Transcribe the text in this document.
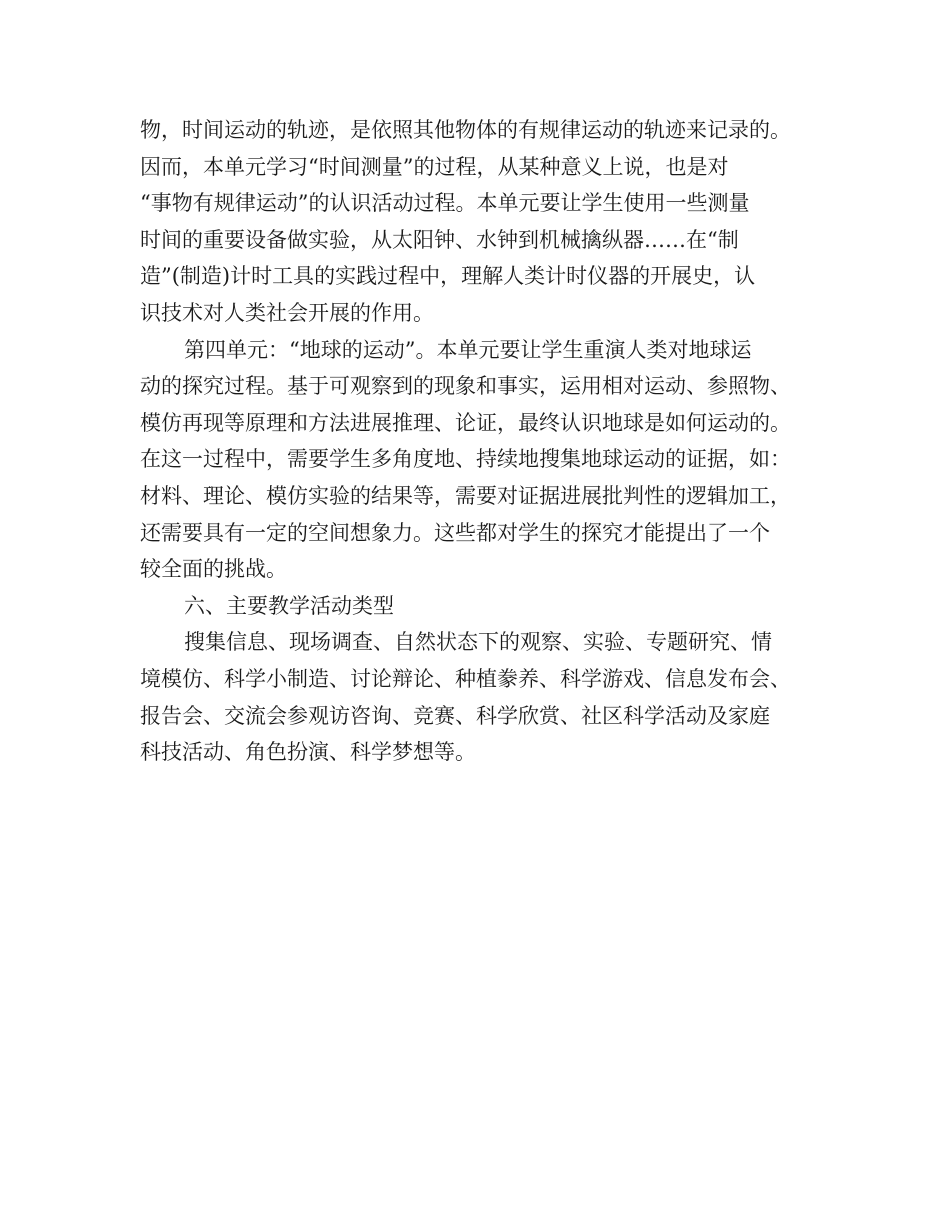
物，时间运动的轨迹，是依照其他物体的有规律运动的轨迹来记录的。
因而，本单元学习“时间测量”的过程，从某种意义上说，也是对
“事物有规律运动”的认识活动过程。本单元要让学生使用一些测量
时间的重要设备做实验，从太阳钟、水钟到机械擒纵器……在“制
造”(制造)计时工具的实践过程中，理解人类计时仪器的开展史，认
识技术对人类社会开展的作用。
第四单元：“地球的运动”。本单元要让学生重演人类对地球运
动的探究过程。基于可观察到的现象和事实，运用相对运动、参照物、
模仿再现等原理和方法进展推理、论证，最终认识地球是如何运动的。
在这一过程中，需要学生多角度地、持续地搜集地球运动的证据，如：
材料、理论、模仿实验的结果等，需要对证据进展批判性的逻辑加工，
还需要具有一定的空间想象力。这些都对学生的探究才能提出了一个
较全面的挑战。
六、主要教学活动类型
搜集信息、现场调查、自然状态下的观察、实验、专题研究、情
境模仿、科学小制造、讨论辩论、种植豢养、科学游戏、信息发布会、
报告会、交流会参观访咨询、竞赛、科学欣赏、社区科学活动及家庭
科技活动、角色扮演、科学梦想等。
